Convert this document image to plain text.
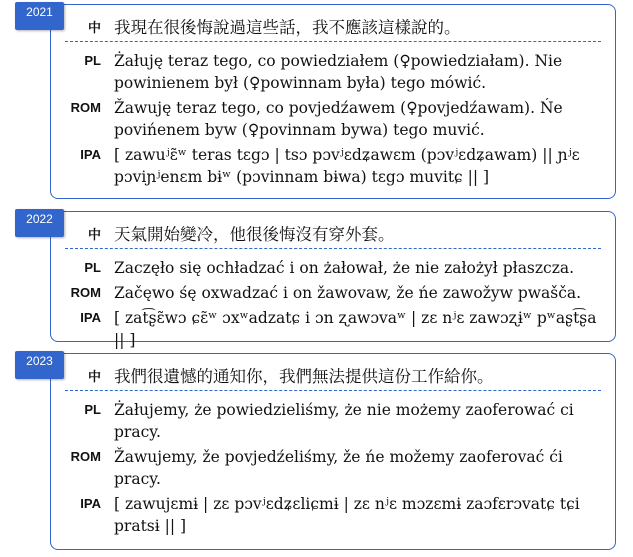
2021
中 我現在很後悔說過這些話，我不應該這樣說的。
PL Żałuję teraz tego, co powiedziałem (♀powiedziałam). Nie powinienem był (♀powinnam była) tego mówić.
ROM Žawuję teraz tego, co povjedźawem (♀povjedźawam). Ńe povińenem byw (♀povinnam bywa) tego muvić.
IPA [ zawuʲɛ̃ʷ teras tɛgɔ | tsɔ pɔvʲɛdʑawɛm (pɔvʲɛdʑawam) || ɲʲɛ pɔviɲʲenɛm bɨʷ (pɔvinnam bɨwa) tɛgɔ muvitɕ || ]
2022
中 天氣開始變冷，他很後悔沒有穿外套。
PL Zaczęło się ochładzać i on żałował, że nie założył płaszcza.
ROM Začęwo śę oxwadzać i on žawovaw, že ńe zawožyw pwašča.
IPA [ zat͡ʂɛ̃wɔ ɕɛ̃ʷ ɔxʷadzatɕ i ɔn ʐawɔvaʷ | zɛ nʲɛ zawɔʐɨʷ pʷaʂt͡ʂa || ]
2023
中 我們很遺憾的通知你，我們無法提供這份工作給你。
PL Żałujemy, że powiedzieliśmy, że nie możemy zaoferować ci pracy.
ROM Žawujemy, že povjedźeliśmy, že ńe možemy zaoferovać ći pracy.
IPA [ zawujɛmɨ | zɛ pɔvʲɛdʑɛliɕmɨ | zɛ nʲɛ mɔzɛmɨ zaɔfɛrɔvatɕ tɕi pratsɨ || ]
